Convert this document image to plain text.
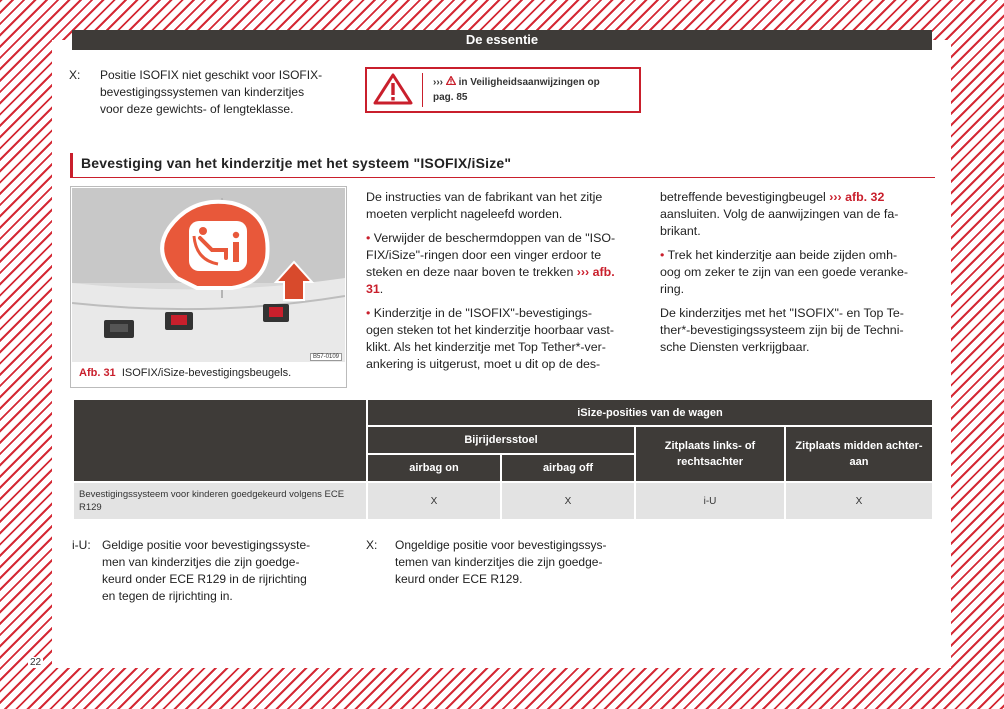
De essentie
X:	Positie ISOFIX niet geschikt voor ISOFIX-
bevestigingssystemen van kinderzitjes
voor deze gewichts- of lengteklasse.
››› in Veiligheidsaanwijzingen op
pag. 85
Bevestiging van het kinderzitje met het systeem "ISOFIX/iSize"
B57-0109
Afb. 31 ISOFIX/iSize-bevestigingsbeugels.

De instructies van de fabrikant van het zitje
moeten verplicht nageleefd worden.

• Verwijder de beschermdoppen van de "ISO-
FIX/iSize"-ringen door een vinger erdoor te
steken en deze naar boven te trekken ››› afb.
31.

• Kinderzitje in de "ISOFIX"-bevestigings-
ogen steken tot het kinderzitje hoorbaar vast-
klikt. Als het kinderzitje met Top Tether*-ver-
ankering is uitgerust, moet u dit op de des-

betreffende bevestigingbeugel ››› afb. 32
aansluiten. Volg de aanwijzingen van de fa-
brikant.

• Trek het kinderzitje aan beide zijden omh-
oog om zeker te zijn van een goede veranke-
ring.

De kinderzitjes met het "ISOFIX"- en Top Te-
ther*-bevestigingssysteem zijn bij de Techni-
sche Diensten verkrijgbaar.

	iSize-posities van de wagen			
	Bijrijdersstoel		Zitplaats links- of rechtsachter	Zitplaats midden achter-aan
	airbag on	airbag off		
Bevestigingssysteem voor kinderen goedgekeurd volgens ECE R129	X	X	i-U	X
i-U: Geldige positie voor bevestigingssyste-
men van kinderzitjes die zijn goedge-
keurd onder ECE R129 in de rijrichting
en tegen de rijrichting in.
X:	Ongeldige positie voor bevestigingssys-
temen van kinderzitjes die zijn goedge-
keurd onder ECE R129.
22
